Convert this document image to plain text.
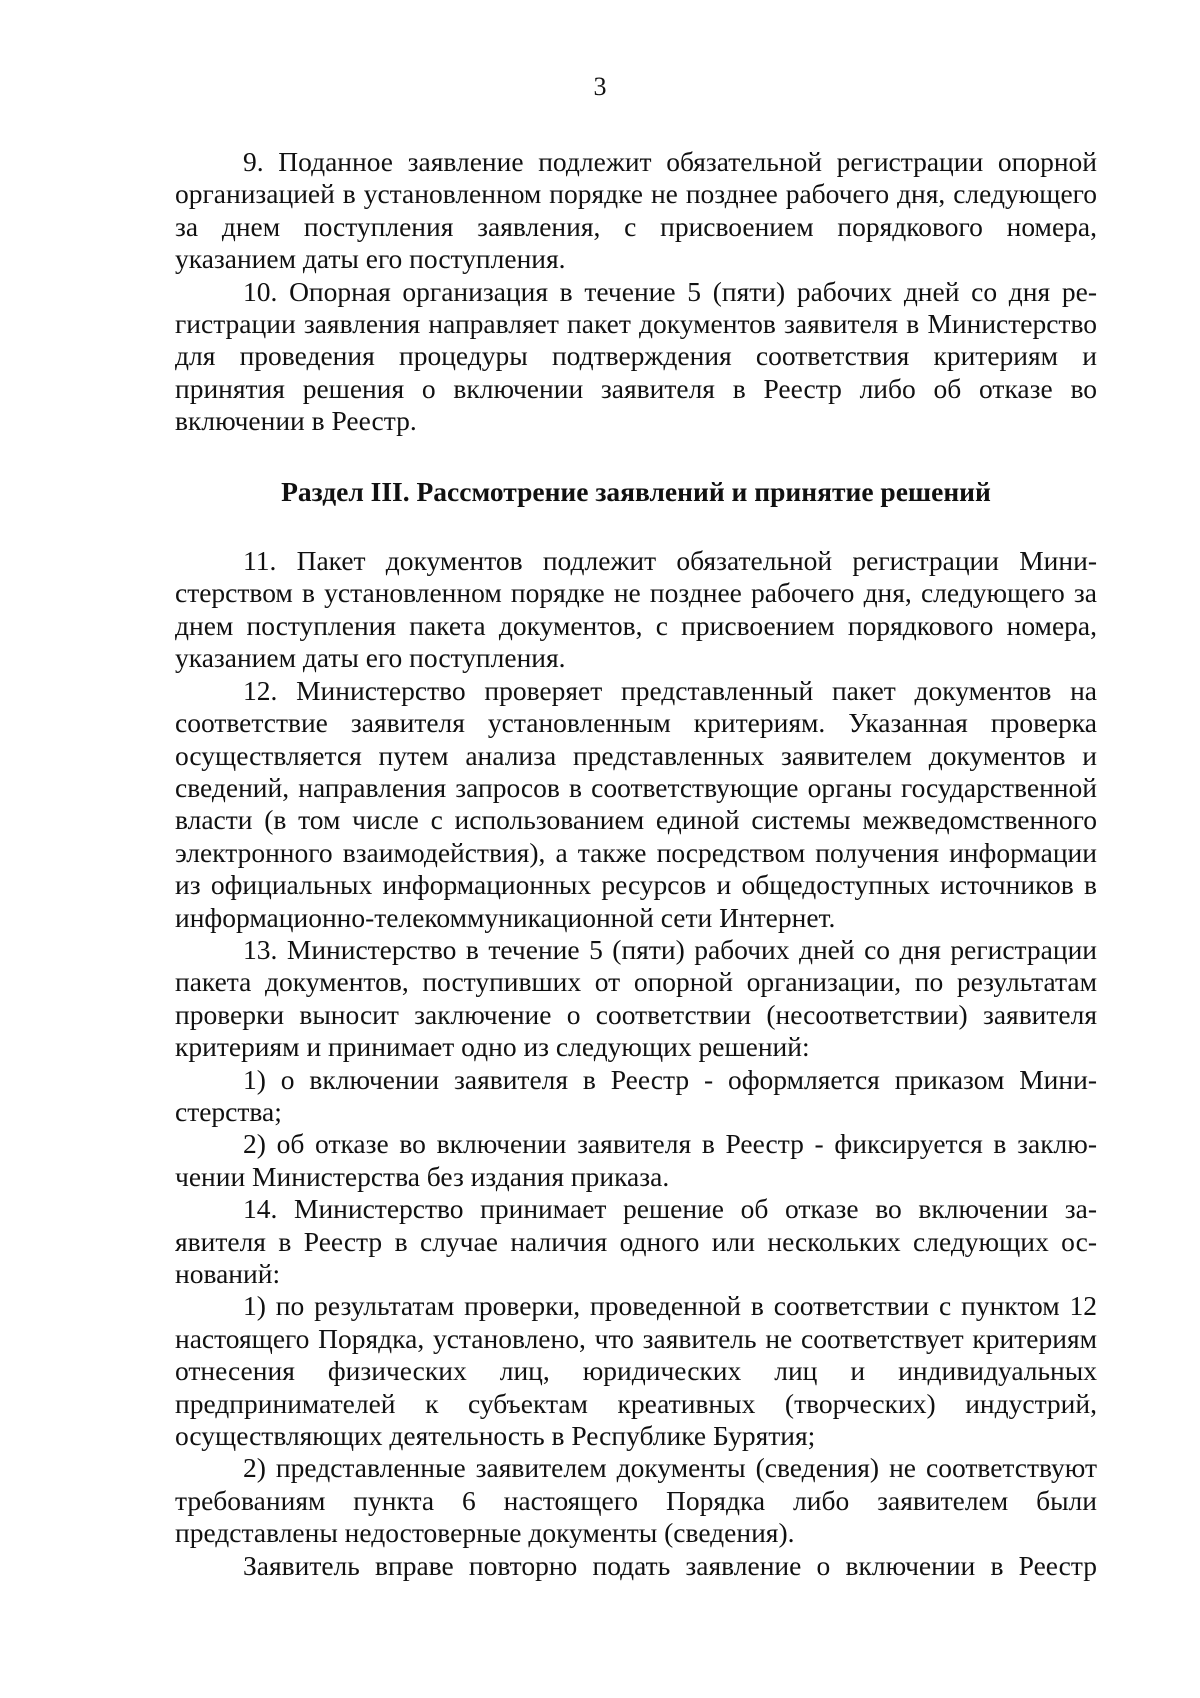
3

9. Поданное заявление подлежит обязательной регистрации опорной организацией в установленном порядке не позднее рабочего дня, следующего за днем поступления заявления, с присвоением порядкового номера, указанием даты его поступления.

10. Опорная организация в течение 5 (пяти) рабочих дней со дня регистрации заявления направляет пакет документов заявителя в Министерство для проведения процедуры подтверждения соответствия критериям и принятия решения о включении заявителя в Реестр либо об отказе во включении в Реестр.

Раздел III. Рассмотрение заявлений и принятие решений

11. Пакет документов подлежит обязательной регистрации Министерством в установленном порядке не позднее рабочего дня, следующего за днем поступления пакета документов, с присвоением порядкового номера, указанием даты его поступления.

12. Министерство проверяет представленный пакет документов на соответствие заявителя установленным критериям. Указанная проверка осуществляется путем анализа представленных заявителем документов и сведений, направления запросов в соответствующие органы государственной власти (в том числе с использованием единой системы межведомственного электронного взаимодействия), а также посредством получения информации из официальных информационных ресурсов и общедоступных источников в информационно-телекоммуникационной сети Интернет.

13. Министерство в течение 5 (пяти) рабочих дней со дня регистрации пакета документов, поступивших от опорной организации, по результатам проверки выносит заключение о соответствии (несоответствии) заявителя критериям и принимает одно из следующих решений:

1) о включении заявителя в Реестр - оформляется приказом Министерства;

2) об отказе во включении заявителя в Реестр - фиксируется в заключении Министерства без издания приказа.

14. Министерство принимает решение об отказе во включении заявителя в Реестр в случае наличия одного или нескольких следующих оснований:

1) по результатам проверки, проведенной в соответствии с пунктом 12 настоящего Порядка, установлено, что заявитель не соответствует критериям отнесения физических лиц, юридических лиц и индивидуальных предпринимателей к субъектам креативных (творческих) индустрий, осуществляющих деятельность в Республике Бурятия;

2) представленные заявителем документы (сведения) не соответствуют требованиям пункта 6 настоящего Порядка либо заявителем были представлены недостоверные документы (сведения).

Заявитель вправе повторно подать заявление о включении в Реестр
